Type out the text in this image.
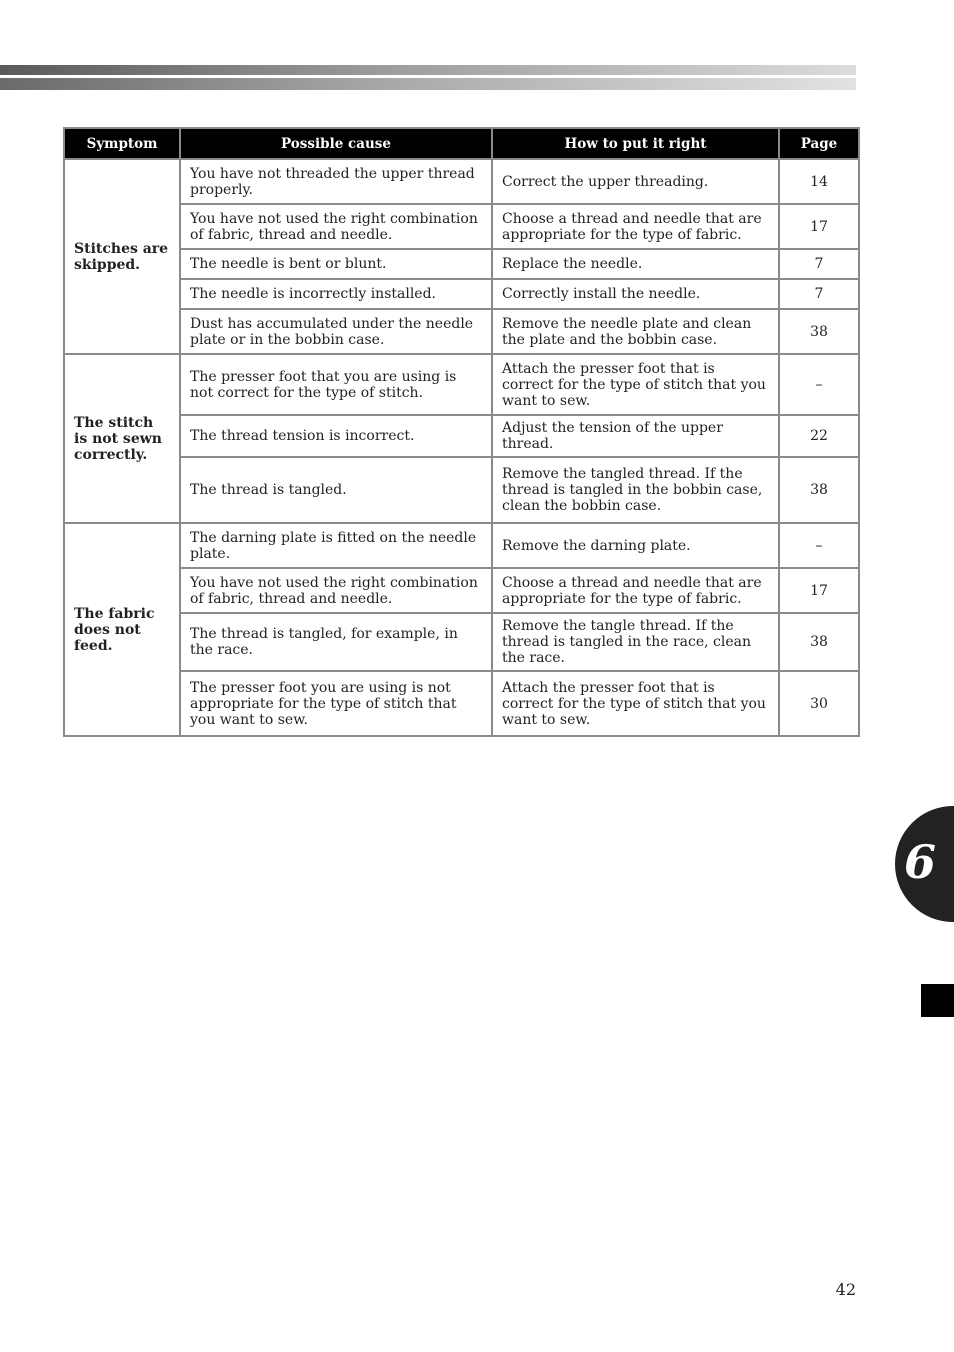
Symptom	Possible cause	How to put it right	Page
Stitches are skipped.	You have not threaded the upper thread properly.	Correct the upper threading.	14
	You have not used the right combination of fabric, thread and needle.	Choose a thread and needle that are appropriate for the type of fabric.	17
	The needle is bent or blunt.	Replace the needle.	7
	The needle is incorrectly installed.	Correctly install the needle.	7
	Dust has accumulated under the needle plate or in the bobbin case.	Remove the needle plate and clean the plate and the bobbin case.	38
The stitch is not sewn correctly.	The presser foot that you are using is not correct for the type of stitch.	Attach the presser foot that is correct for the type of stitch that you want to sew.	–
	The thread tension is incorrect.	Adjust the tension of the upper thread.	22
	The thread is tangled.	Remove the tangled thread. If the thread is tangled in the bobbin case, clean the bobbin case.	38
The fabric does not feed.	The darning plate is fitted on the needle plate.	Remove the darning plate.	–
	You have not used the right combination of fabric, thread and needle.	Choose a thread and needle that are appropriate for the type of fabric.	17
	The thread is tangled, for example, in the race.	Remove the tangle thread. If the thread is tangled in the race, clean the race.	38
	The presser foot you are using is not appropriate for the type of stitch that you want to sew.	Attach the presser foot that is correct for the type of stitch that you want to sew.	30
6
42
